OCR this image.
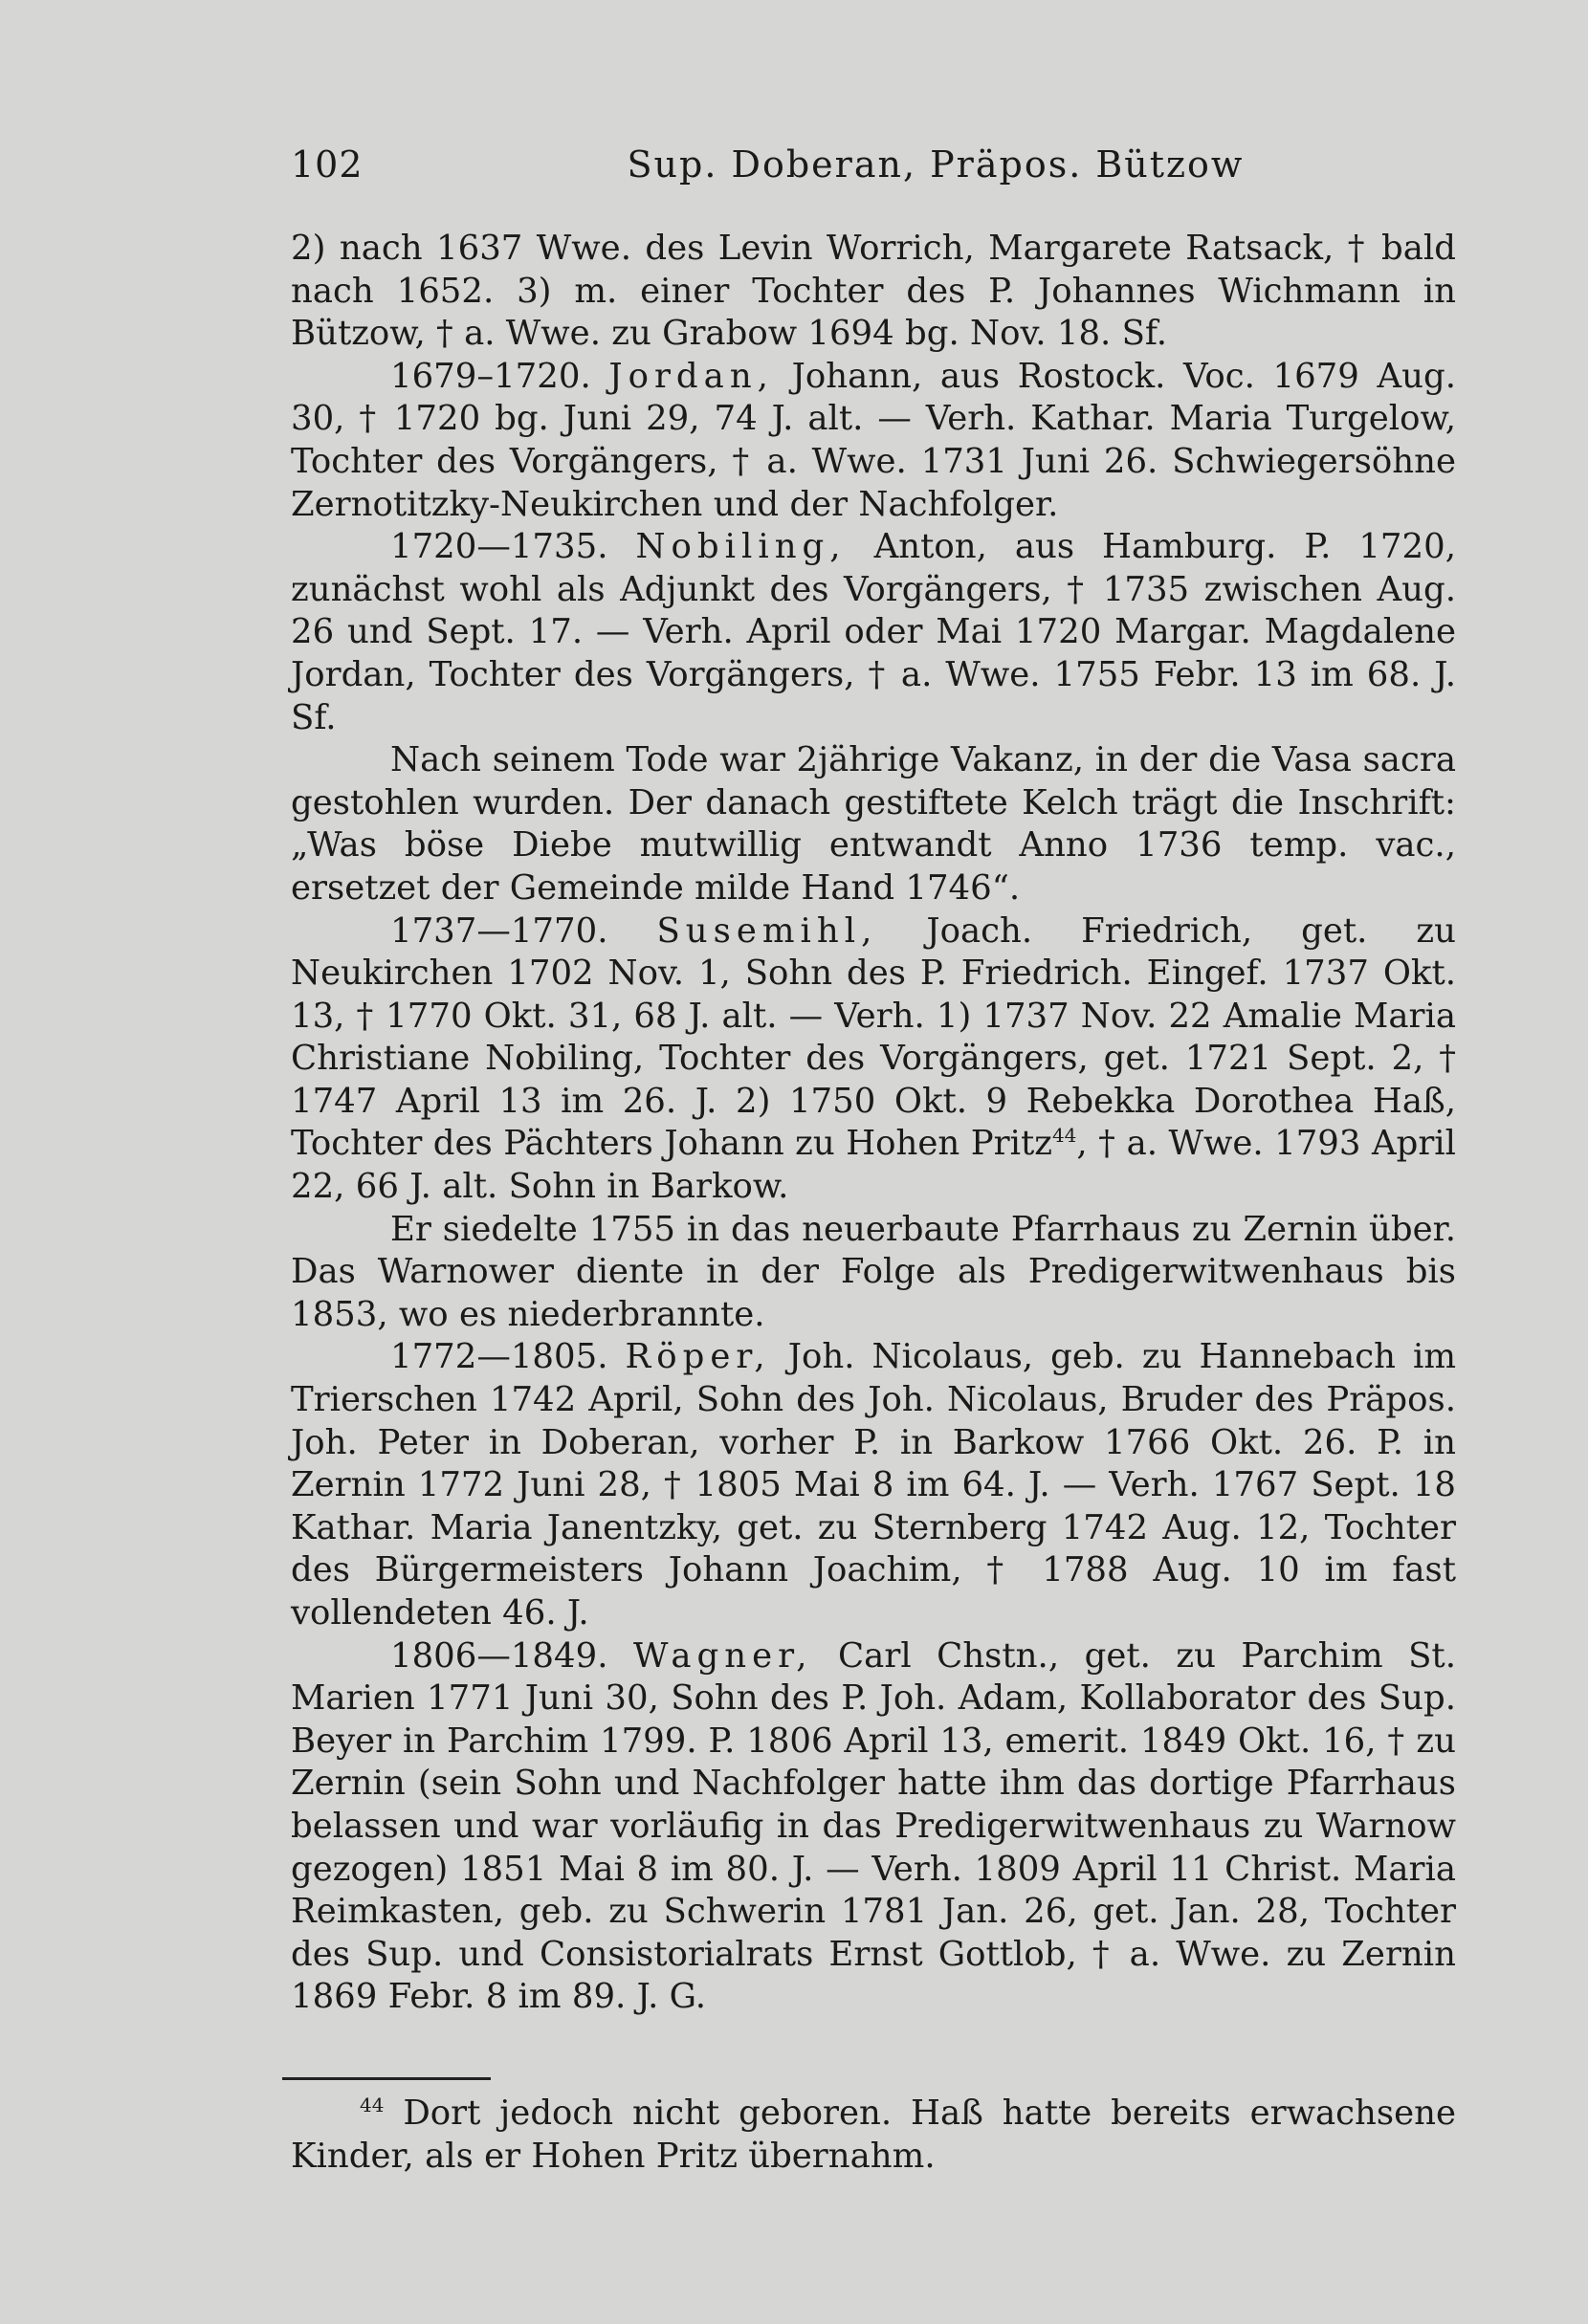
102	Sup. Doberan, Präpos. Bützow

2) nach 1637 Wwe. des Levin Worrich, Margarete Ratsack, † bald nach 1652. 3) m. einer Tochter des P. Johannes Wichmann in Bützow, † a. Wwe. zu Grabow 1694 bg. Nov. 18. Sf.

1679–1720. Jordan, Johann, aus Rostock. Voc. 1679 Aug. 30, † 1720 bg. Juni 29, 74 J. alt. — Verh. Kathar. Maria Turgelow, Tochter des Vorgängers, † a. Wwe. 1731 Juni 26. Schwiegersöhne Zernotitzky-Neukirchen und der Nachfolger.

1720—1735. Nobiling, Anton, aus Hamburg. P. 1720, zunächst wohl als Adjunkt des Vorgängers, † 1735 zwischen Aug. 26 und Sept. 17. — Verh. April oder Mai 1720 Margar. Magdalene Jordan, Tochter des Vorgängers, † a. Wwe. 1755 Febr. 13 im 68. J. Sf.

Nach seinem Tode war 2jährige Vakanz, in der die Vasa sacra gestohlen wurden. Der danach gestiftete Kelch trägt die Inschrift: „Was böse Diebe mutwillig entwandt Anno 1736 temp. vac., ersetzet der Gemeinde milde Hand 1746“.

1737—1770. Susemihl, Joach. Friedrich, get. zu Neukirchen 1702 Nov. 1, Sohn des P. Friedrich. Eingef. 1737 Okt. 13, † 1770 Okt. 31, 68 J. alt. — Verh. 1) 1737 Nov. 22 Amalie Maria Christiane Nobiling, Tochter des Vorgängers, get. 1721 Sept. 2, † 1747 April 13 im 26. J. 2) 1750 Okt. 9 Rebekka Dorothea Haß, Tochter des Pächters Johann zu Hohen Pritz$^{44}$, † a. Wwe. 1793 April 22, 66 J. alt. Sohn in Barkow.

Er siedelte 1755 in das neuerbaute Pfarrhaus zu Zernin über. Das Warnower diente in der Folge als Predigerwitwenhaus bis 1853, wo es niederbrannte.

1772—1805. Röper, Joh. Nicolaus, geb. zu Hannebach im Trierschen 1742 April, Sohn des Joh. Nicolaus, Bruder des Präpos. Joh. Peter in Doberan, vorher P. in Barkow 1766 Okt. 26. P. in Zernin 1772 Juni 28, † 1805 Mai 8 im 64. J. — Verh. 1767 Sept. 18 Kathar. Maria Janentzky, get. zu Sternberg 1742 Aug. 12, Tochter des Bürgermeisters Johann Joachim, † 1788 Aug. 10 im fast vollendeten 46. J.

1806—1849. Wagner, Carl Chstn., get. zu Parchim St. Marien 1771 Juni 30, Sohn des P. Joh. Adam, Kollaborator des Sup. Beyer in Parchim 1799. P. 1806 April 13, emerit. 1849 Okt. 16, † zu Zernin (sein Sohn und Nachfolger hatte ihm das dortige Pfarrhaus belassen und war vorläufig in das Predigerwitwenhaus zu Warnow gezogen) 1851 Mai 8 im 80. J. — Verh. 1809 April 11 Christ. Maria Reimkasten, geb. zu Schwerin 1781 Jan. 26, get. Jan. 28, Tochter des Sup. und Consistorialrats Ernst Gottlob, † a. Wwe. zu Zernin 1869 Febr. 8 im 89. J. G.

$^{44}$ Dort jedoch nicht geboren. Haß hatte bereits erwachsene Kinder, als er Hohen Pritz übernahm.
